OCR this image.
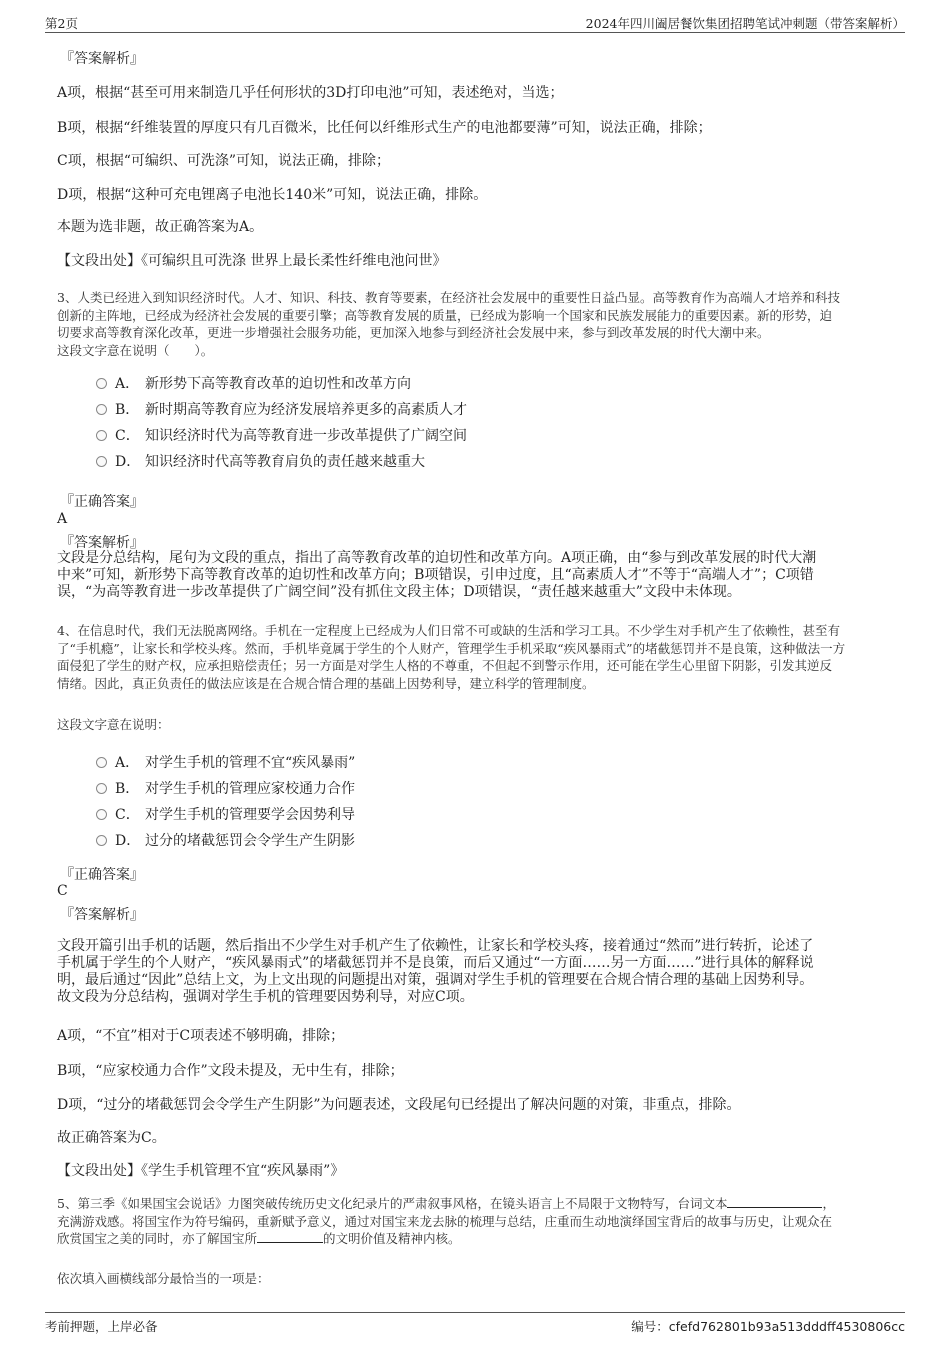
第2页	2024年四川阖居餐饮集团招聘笔试冲刺题（带答案解析）
『答案解析』
A项，根据“甚至可用来制造几乎任何形状的3D打印电池”可知，表述绝对，当选；
B项，根据“纤维装置的厚度只有几百微米，比任何以纤维形式生产的电池都要薄”可知，说法正确，排除；
C项，根据“可编织、可洗涤”可知，说法正确，排除；
D项，根据“这种可充电锂离子电池长140米”可知，说法正确，排除。
本题为选非题，故正确答案为A。
【文段出处】《可编织且可洗涤 世界上最长柔性纤维电池问世》
3、人类已经进入到知识经济时代。人才、知识、科技、教育等要素，在经济社会发展中的重要性日益凸显。高等教育作为高端人才培养和科技
创新的主阵地，已经成为经济社会发展的重要引擎；高等教育发展的质量，已经成为影响一个国家和民族发展能力的重要因素。新的形势，迫
切要求高等教育深化改革，更进一步增强社会服务功能，更加深入地参与到经济社会发展中来，参与到改革发展的时代大潮中来。
这段文字意在说明（　　）。
A． 新形势下高等教育改革的迫切性和改革方向
B． 新时期高等教育应为经济发展培养更多的高素质人才
C． 知识经济时代为高等教育进一步改革提供了广阔空间
D． 知识经济时代高等教育肩负的责任越来越重大
『正确答案』
A
『答案解析』
文段是分总结构，尾句为文段的重点，指出了高等教育改革的迫切性和改革方向。A项正确，由“参与到改革发展的时代大潮
中来”可知，新形势下高等教育改革的迫切性和改革方向；B项错误，引申过度，且“高素质人才”不等于“高端人才”；C项错
误，“为高等教育进一步改革提供了广阔空间”没有抓住文段主体；D项错误，“责任越来越重大”文段中未体现。
4、在信息时代，我们无法脱离网络。手机在一定程度上已经成为人们日常不可或缺的生活和学习工具。不少学生对手机产生了依赖性，甚至有
了“手机瘾”，让家长和学校头疼。然而，手机毕竟属于学生的个人财产，管理学生手机采取“疾风暴雨式”的堵截惩罚并不是良策，这种做法一方
面侵犯了学生的财产权，应承担赔偿责任；另一方面是对学生人格的不尊重，不但起不到警示作用，还可能在学生心里留下阴影，引发其逆反
情绪。因此，真正负责任的做法应该是在合规合情合理的基础上因势利导，建立科学的管理制度。
这段文字意在说明：
A． 对学生手机的管理不宜“疾风暴雨”
B． 对学生手机的管理应家校通力合作
C． 对学生手机的管理要学会因势利导
D． 过分的堵截惩罚会令学生产生阴影
『正确答案』
C
『答案解析』
文段开篇引出手机的话题，然后指出不少学生对手机产生了依赖性，让家长和学校头疼，接着通过“然而”进行转折，论述了
手机属于学生的个人财产，“疾风暴雨式”的堵截惩罚并不是良策，而后又通过“一方面……另一方面……”进行具体的解释说
明，最后通过“因此”总结上文，为上文出现的问题提出对策，强调对学生手机的管理要在合规合情合理的基础上因势利导。
故文段为分总结构，强调对学生手机的管理要因势利导，对应C项。
A项，“不宜”相对于C项表述不够明确，排除；
B项，“应家校通力合作”文段未提及，无中生有，排除；
D项，“过分的堵截惩罚会令学生产生阴影”为问题表述，文段尾句已经提出了解决问题的对策，非重点，排除。
故正确答案为C。
【文段出处】《学生手机管理不宜“疾风暴雨”》
5、第三季《如果国宝会说话》力图突破传统历史文化纪录片的严肃叙事风格，在镜头语言上不局限于文物特写，台词文本	，
充满游戏感。将国宝作为符号编码，重新赋予意义，通过对国宝来龙去脉的梳理与总结，庄重而生动地演绎国宝背后的故事与历史，让观众在
欣赏国宝之美的同时，亦了解国宝所	的文明价值及精神内核。
依次填入画横线部分最恰当的一项是：
考前押题，上岸必备	编号：cfefd762801b93a513dddff4530806cc
